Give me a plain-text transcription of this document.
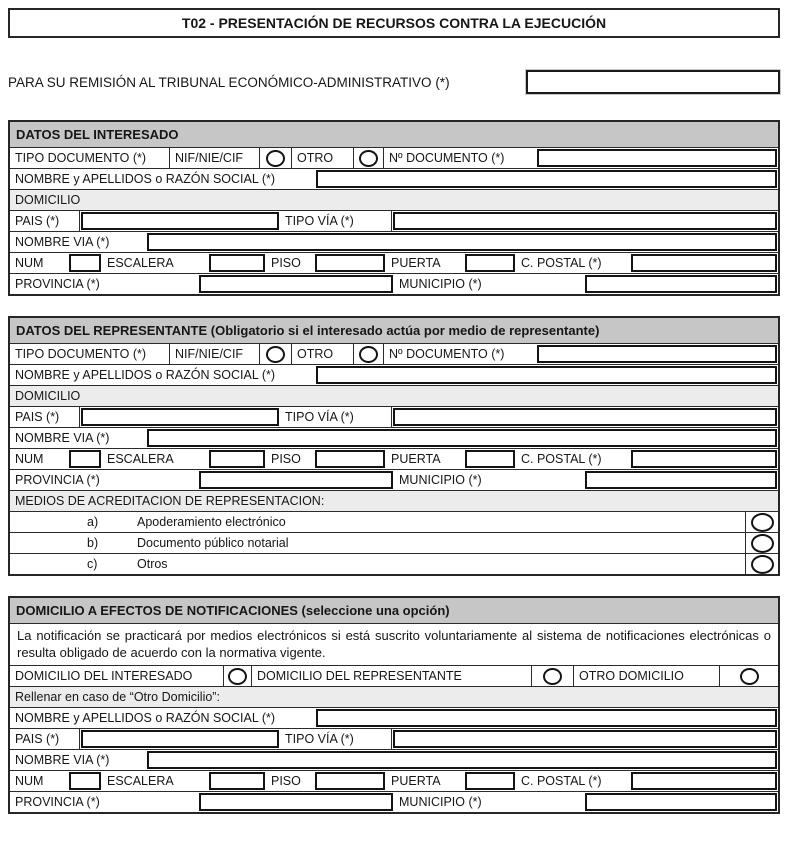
T02 - PRESENTACIÓN DE RECURSOS CONTRA LA EJECUCIÓN
PARA SU REMISIÓN AL TRIBUNAL ECONÓMICO-ADMINISTRATIVO (*)
DATOS DEL INTERESADO
TIPO DOCUMENTO (*)	NIF/NIE/CIF	OTRO	Nº DOCUMENTO (*)
NOMBRE y APELLIDOS o RAZÓN SOCIAL (*)
DOMICILIO
PAIS (*)	TIPO VÍA (*)
NOMBRE VIA (*)
NUM	ESCALERA	PISO	PUERTA	C. POSTAL (*)
PROVINCIA (*)	MUNICIPIO (*)
DATOS DEL REPRESENTANTE (Obligatorio si el interesado actúa por medio de representante)
TIPO DOCUMENTO (*)	NIF/NIE/CIF	OTRO	Nº DOCUMENTO (*)
NOMBRE y APELLIDOS o RAZÓN SOCIAL (*)
DOMICILIO
PAIS (*)	TIPO VÍA (*)
NOMBRE VIA (*)
NUM	ESCALERA	PISO	PUERTA	C. POSTAL (*)
PROVINCIA (*)	MUNICIPIO (*)
MEDIOS DE ACREDITACION DE REPRESENTACION:
a)	Apoderamiento electrónico
b)	Documento público notarial
c)	Otros
DOMICILIO A EFECTOS DE NOTIFICACIONES (seleccione una opción)
La notificación se practicará por medios electrónicos si está suscrito voluntariamente al sistema de notificaciones electrónicas o resulta obligado de acuerdo con la normativa vigente.
DOMICILIO DEL INTERESADO	DOMICILIO DEL REPRESENTANTE	OTRO DOMICILIO
Rellenar en caso de “Otro Domicilio”:
NOMBRE y APELLIDOS o RAZÓN SOCIAL (*)
PAIS (*)	TIPO VÍA (*)
NOMBRE VIA (*)
NUM	ESCALERA	PISO	PUERTA	C. POSTAL (*)
PROVINCIA (*)	MUNICIPIO (*)
